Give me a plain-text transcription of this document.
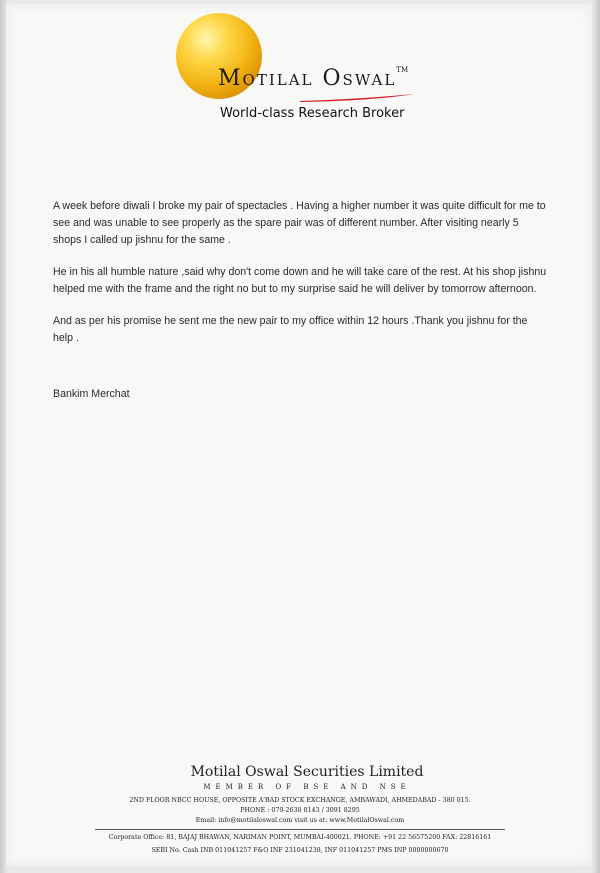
Motilal Oswal™
World-class Research Broker

A week before diwali I broke my pair of spectacles . Having a higher number it was quite difficult for me to see and was unable to see properly as the spare pair was of different number. After visiting nearly 5 shops I called up jishnu for the same .

He in his all humble nature ,said why don't come down and he will take care of the rest. At his shop jishnu helped me with the frame and the right no but to my surprise said he will deliver by tomorrow afternoon.

And as per his promise he sent me the new pair to my office within 12 hours .Thank you jishnu for the help .

Bankim Merchat
Motilal Oswal Securities Limited
MEMBER OF BSE AND NSE
2ND FLOOR NBCC HOUSE, OPPOSITE A'BAD STOCK EXCHANGE, AMBAWADI, AHMEDABAD - 380 015.
PHONE : 079-2630 0143 / 3091 8295
Email: info@motilaloswal.com visit us at: www.MotilalOswal.com
Corporate Office: 81, BAJAJ BHAWAN, NARIMAN POINT, MUMBAI-400021. PHONE: +91 22 56575200 FAX: 22816161
SEBI No. Cash INB 011041257 F&O INF 231041238, INF 011041257 PMS INP 0000000670
